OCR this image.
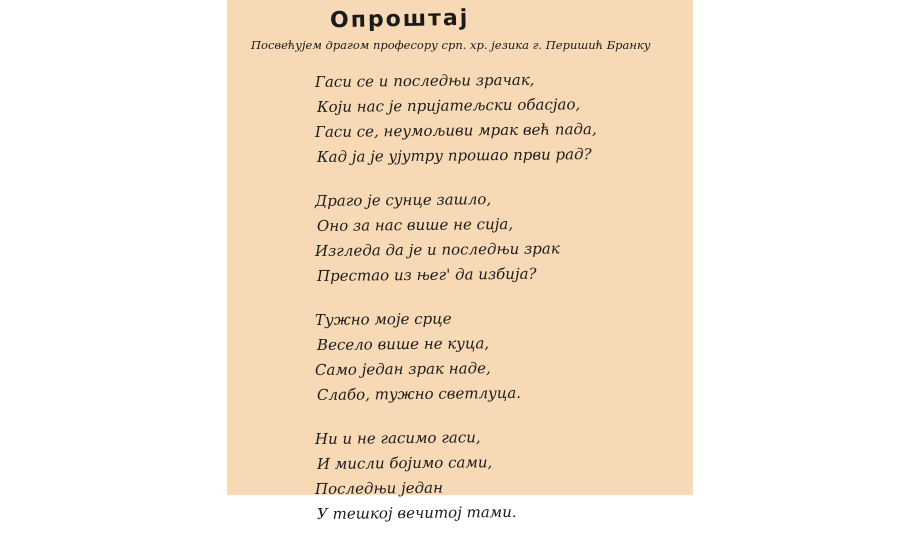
Опроштај
Посвећујем драгом професору срп. хр. језика г. Перишић Бранку
Гаси се и последњи зрачак,
Који нас је пријатељски обасјао,
Гаси се, неумољиви мрак већ пада,
Кад ја је ујутру прошао први рад?
Драго је сунце зашло,
Оно за нас више не сија,
Изгледа да је и последњи зрак
Престао из њег' да избија?
Тужно моје срце
Весело више не куца,
Само један зрак наде,
Слабо, тужно светлуца.
Ни и не гасимо гаси,
И мисли бојимо сами,
Последњи један
У тешкој вечитој тами.
